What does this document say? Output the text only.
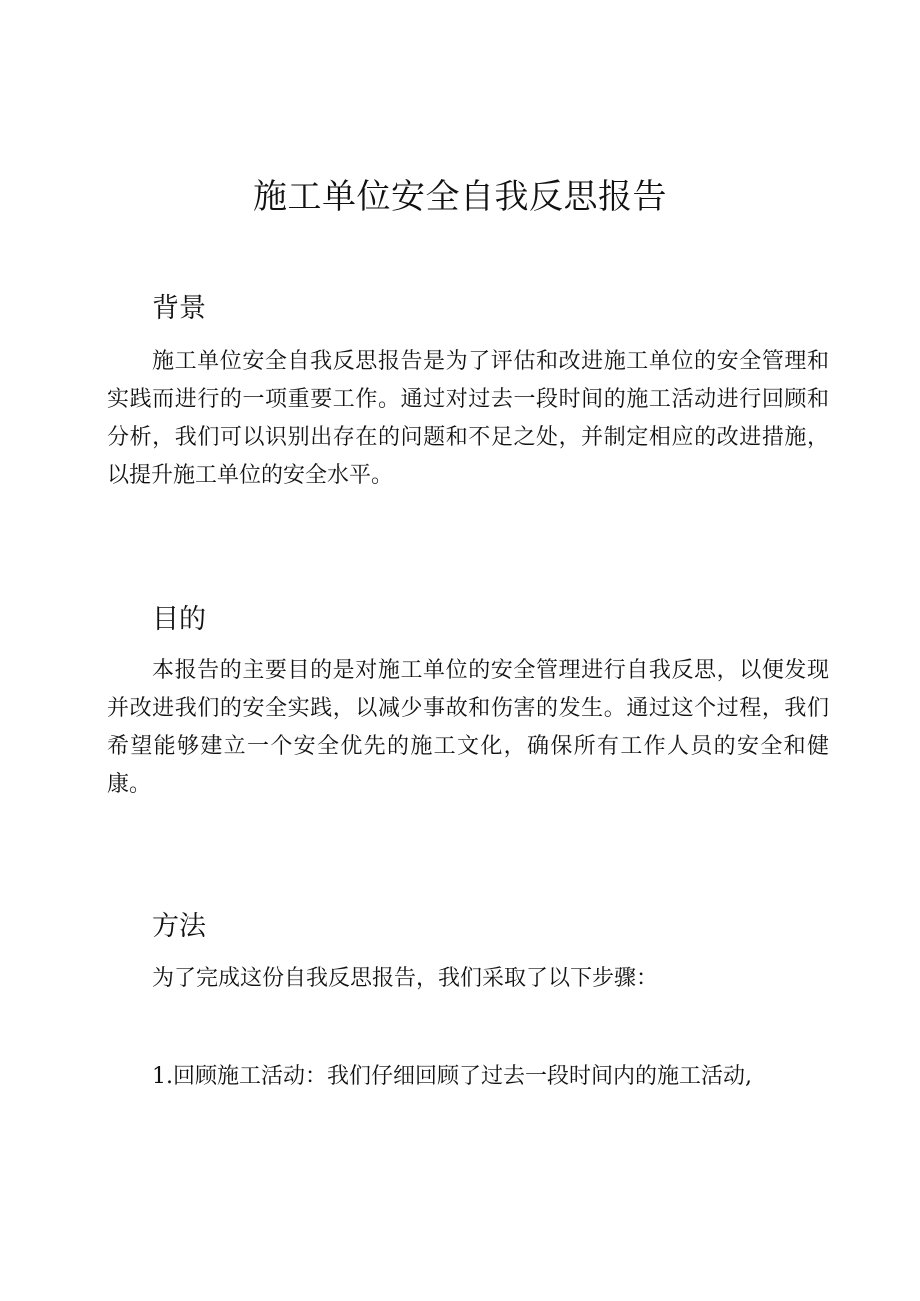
施工单位安全自我反思报告
背景

施工单位安全自我反思报告是为了评估和改进施工单位的安全管理和实践而进行的一项重要工作。通过对过去一段时间的施工活动进行回顾和分析，我们可以识别出存在的问题和不足之处，并制定相应的改进措施，以提升施工单位的安全水平。

目的

本报告的主要目的是对施工单位的安全管理进行自我反思，以便发现并改进我们的安全实践，以减少事故和伤害的发生。通过这个过程，我们希望能够建立一个安全优先的施工文化，确保所有工作人员的安全和健康。

方法

为了完成这份自我反思报告，我们采取了以下步骤：

1.回顾施工活动：我们仔细回顾了过去一段时间内的施工活动,
